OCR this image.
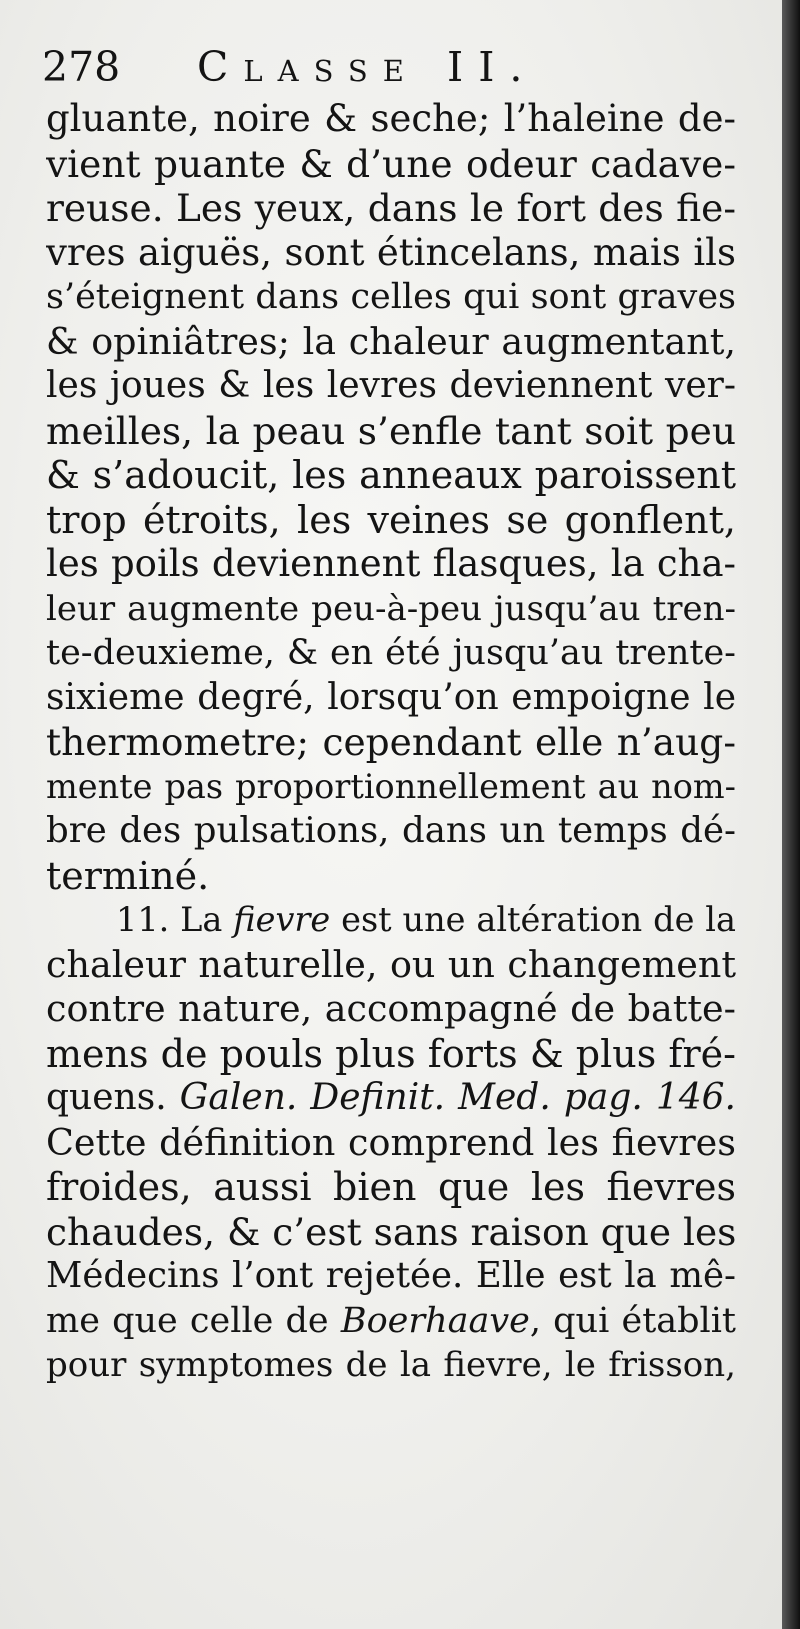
278 Classe II.
gluante, noire & seche; l’haleine de-
vient puante & d’une odeur cadave-
reuse. Les yeux, dans le fort des fie-
vres aiguës, sont étincelans, mais ils
s’éteignent dans celles qui sont graves
& opiniâtres; la chaleur augmentant,
les joues & les levres deviennent ver-
meilles, la peau s’enfle tant soit peu
& s’adoucit, les anneaux paroissent
trop étroits, les veines se gonflent,
les poils deviennent flasques, la cha-
leur augmente peu-à-peu jusqu’au tren-
te-deuxieme, & en été jusqu’au trente-
sixieme degré, lorsqu’on empoigne le
thermometre; cependant elle n’aug-
mente pas proportionnellement au nom-
bre des pulsations, dans un temps dé-
terminé.
11. La fievre est une altération de la
chaleur naturelle, ou un changement
contre nature, accompagné de batte-
mens de pouls plus forts & plus fré-
quens. Galen. Definit. Med. pag. 146.
Cette définition comprend les fievres
froides, aussi bien que les fievres
chaudes, & c’est sans raison que les
Médecins l’ont rejetée. Elle est la mê-
me que celle de Boerhaave, qui établit
pour symptomes de la fievre, le frisson,
